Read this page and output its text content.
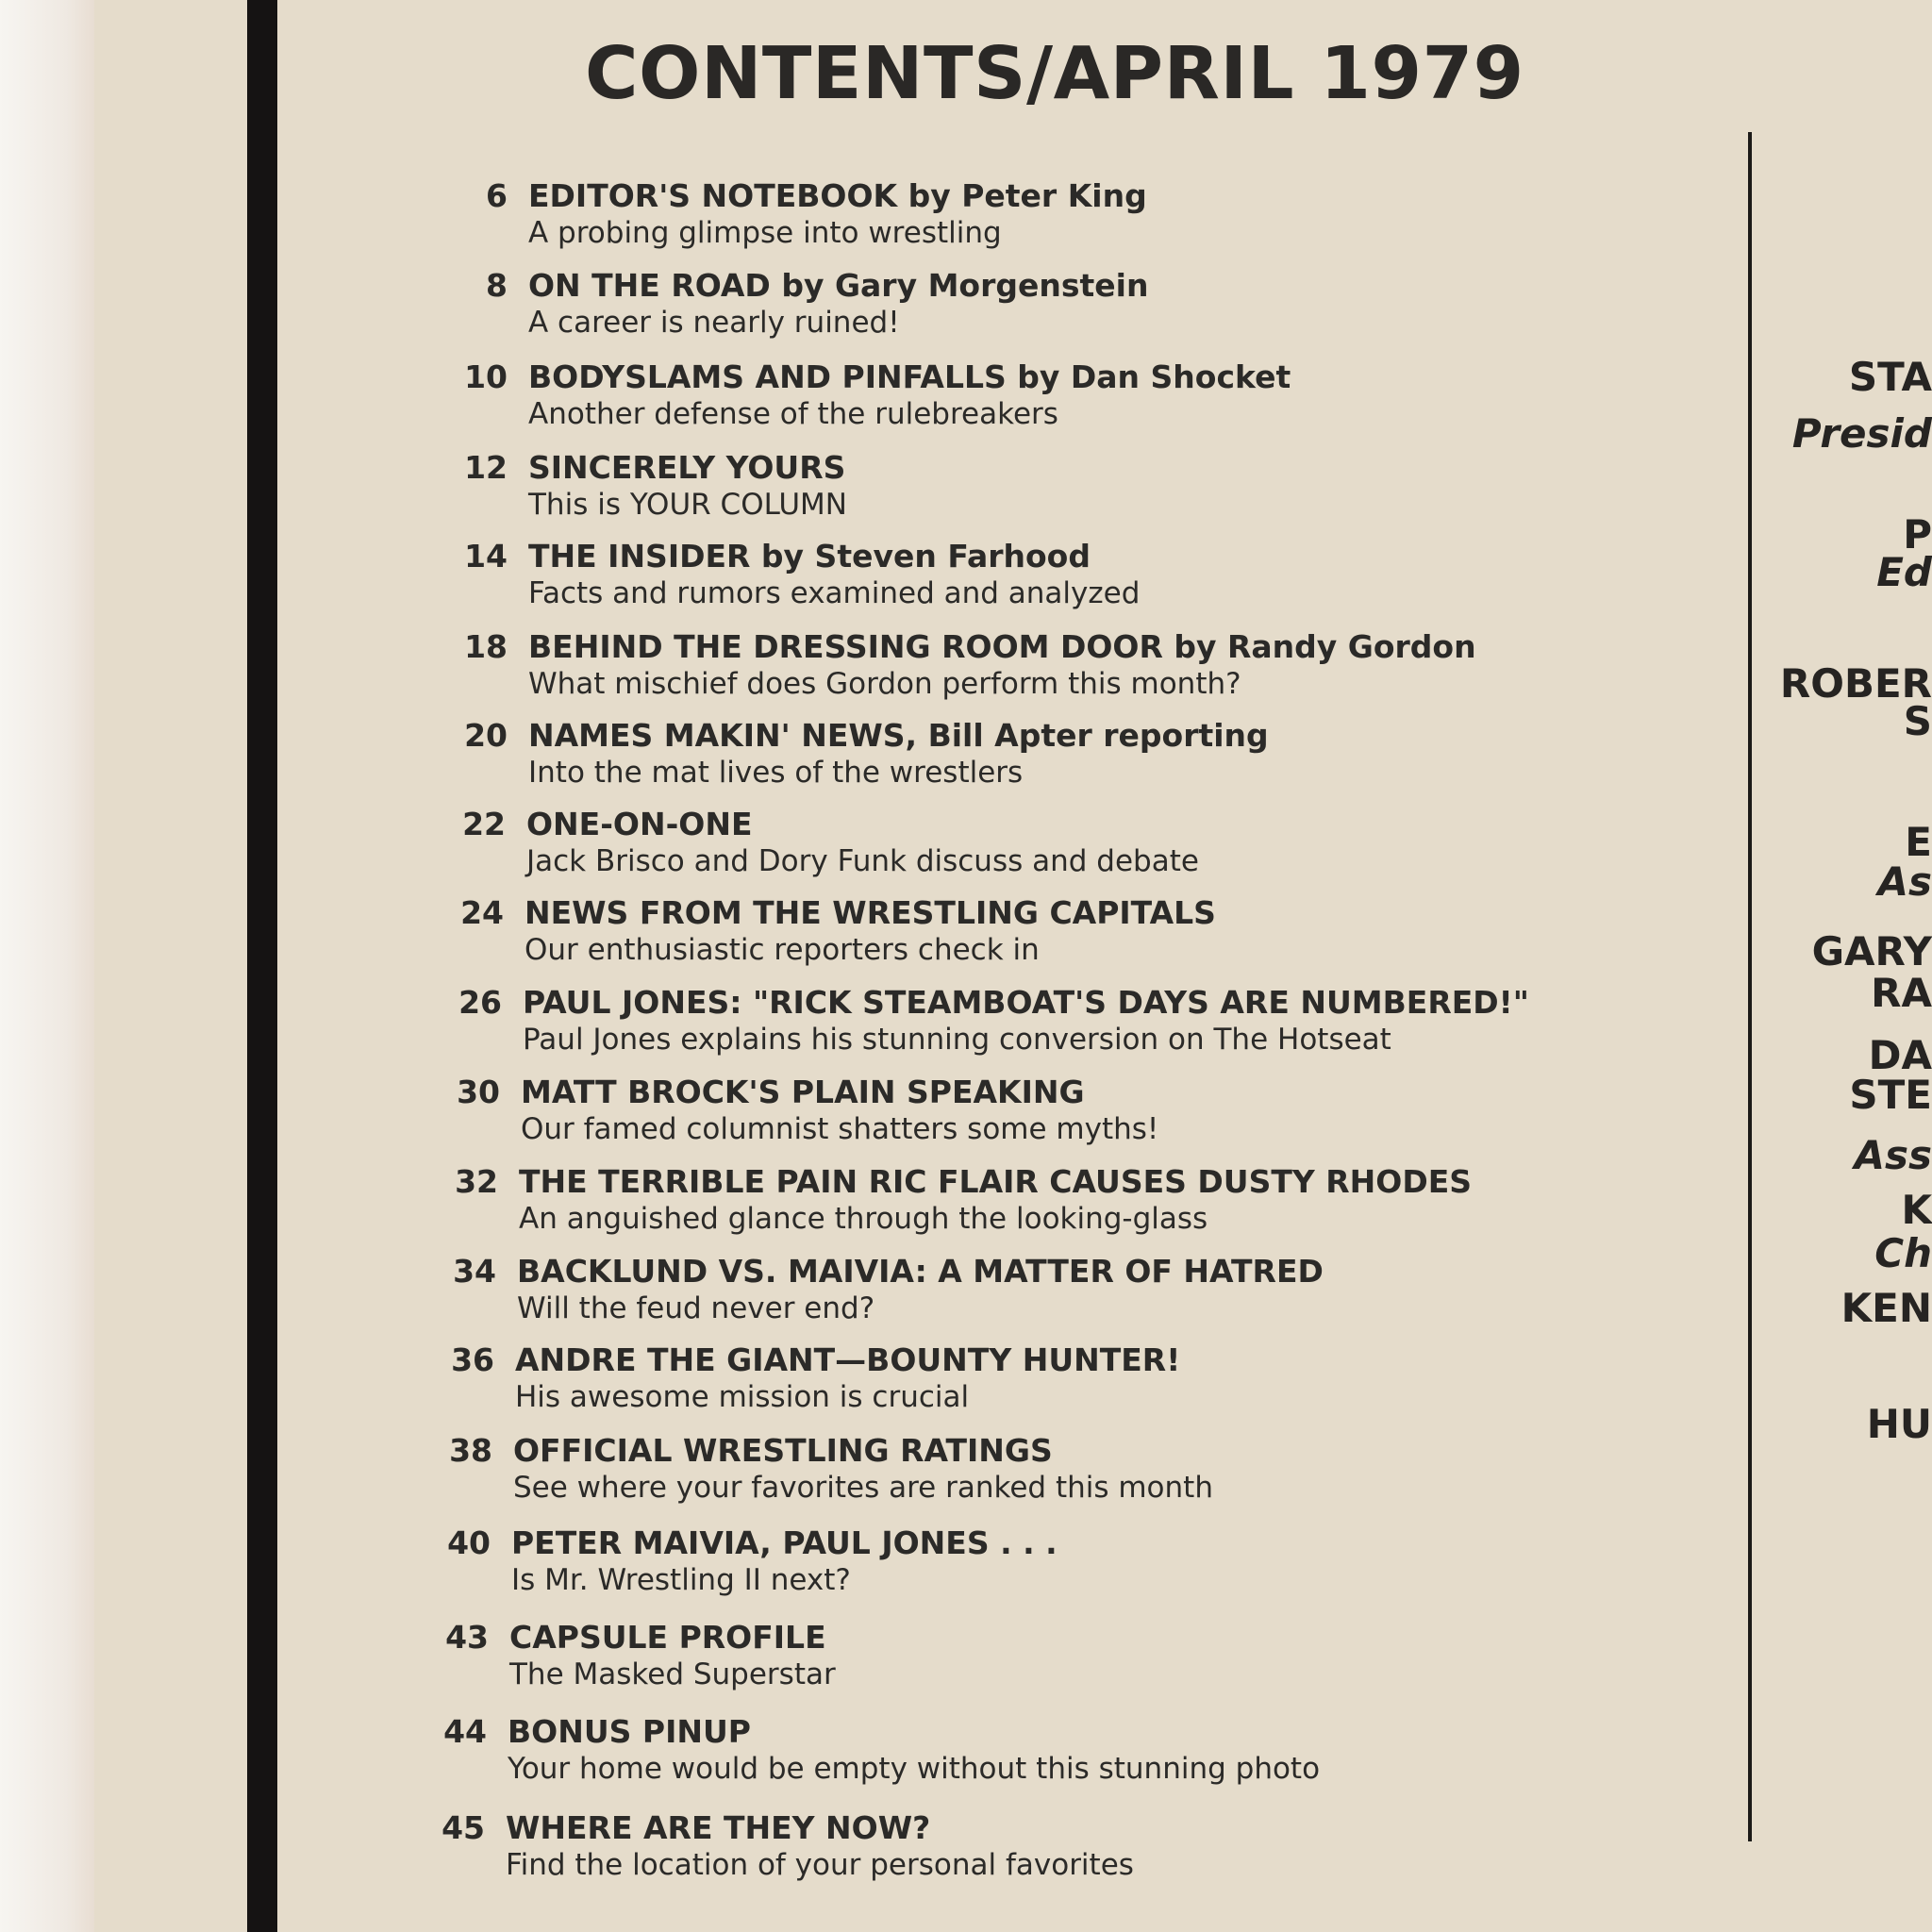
CONTENTS/APRIL 1979
6 EDITOR'S NOTEBOOK by Peter King
A probing glimpse into wrestling
8 ON THE ROAD by Gary Morgenstein
A career is nearly ruined!
10 BODYSLAMS AND PINFALLS by Dan Shocket
Another defense of the rulebreakers
12 SINCERELY YOURS
This is YOUR COLUMN
14 THE INSIDER by Steven Farhood
Facts and rumors examined and analyzed
18 BEHIND THE DRESSING ROOM DOOR by Randy Gordon
What mischief does Gordon perform this month?
20 NAMES MAKIN' NEWS, Bill Apter reporting
Into the mat lives of the wrestlers
22 ONE-ON-ONE
Jack Brisco and Dory Funk discuss and debate
24 NEWS FROM THE WRESTLING CAPITALS
Our enthusiastic reporters check in
26 PAUL JONES: "RICK STEAMBOAT'S DAYS ARE NUMBERED!"
Paul Jones explains his stunning conversion on The Hotseat
30 MATT BROCK'S PLAIN SPEAKING
Our famed columnist shatters some myths!
32 THE TERRIBLE PAIN RIC FLAIR CAUSES DUSTY RHODES
An anguished glance through the looking-glass
34 BACKLUND VS. MAIVIA: A MATTER OF HATRED
Will the feud never end?
36 ANDRE THE GIANT—BOUNTY HUNTER!
His awesome mission is crucial
38 OFFICIAL WRESTLING RATINGS
See where your favorites are ranked this month
40 PETER MAIVIA, PAUL JONES . . .
Is Mr. Wrestling II next?
43 CAPSULE PROFILE
The Masked Superstar
44 BONUS PINUP
Your home would be empty without this stunning photo
45 WHERE ARE THEY NOW?
Find the location of your personal favorites
STA
Presid
P
Ed
ROBER
S
E
As
GARY
RA
DA
STE
Ass
K
Ch
KEN
HU
